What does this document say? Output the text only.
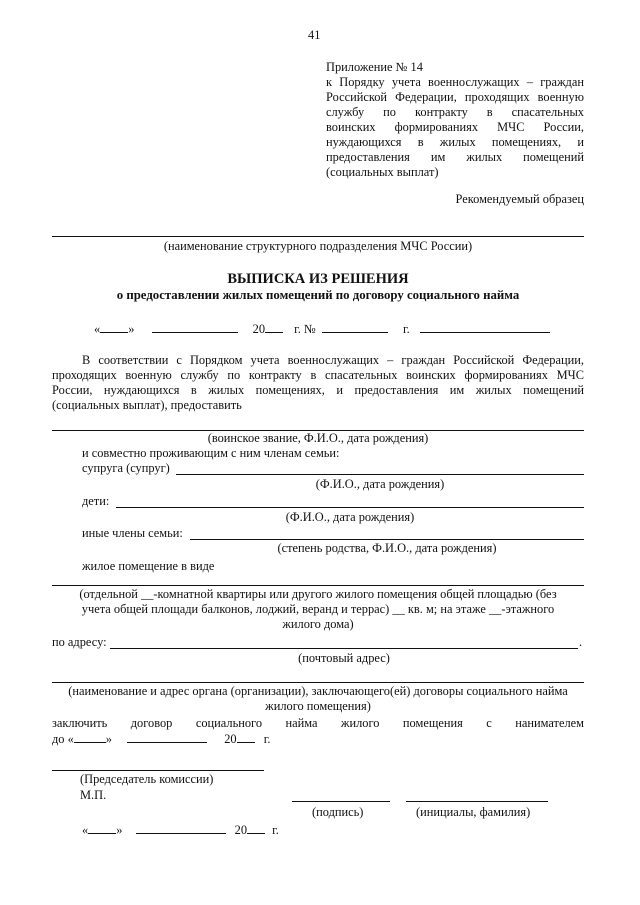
41
Приложение № 14
к Порядку учета военнослужащих – граждан
Российской Федерации, проходящих военную
службу по контракту в спасательных
воинских формированиях МЧС России,
нуждающихся в жилых помещениях, и
предоставления им жилых помещений
(социальных выплат)
Рекомендуемый образец
(наименование структурного подразделения МЧС России)
ВЫПИСКА ИЗ РЕШЕНИЯ
о предоставлении жилых помещений по договору социального найма
« »	20 г. №	г.
В соответствии с Порядком учета военнослужащих – граждан Российской Федерации,
проходящих военную службу по контракту в спасательных воинских формированиях МЧС
России, нуждающихся в жилых помещениях, и предоставления им жилых помещений
(социальных выплат), предоставить
(воинское звание, Ф.И.О., дата рождения)
и совместно проживающим с ним членам семьи:
супруга (супруг)
(Ф.И.О., дата рождения)
дети:
(Ф.И.О., дата рождения)
иные члены семьи:
(степень родства, Ф.И.О., дата рождения)
жилое помещение в виде
(отдельной __-комнатной квартиры или другого жилого помещения общей площадью (без
учета общей площади балконов, лоджий, веранд и террас) __ кв. м; на этаже __-этажного
жилого дома)
по адресу:	.
(почтовый адрес)
(наименование и адрес органа (организации), заключающего(ей) договоры социального найма
жилого помещения)
заключить договор социального найма жилого помещения с нанимателем
до «	»	20 г.
(Председатель комиссии)
М.П.
(подпись)	(инициалы, фамилия)
« »	20 г.
